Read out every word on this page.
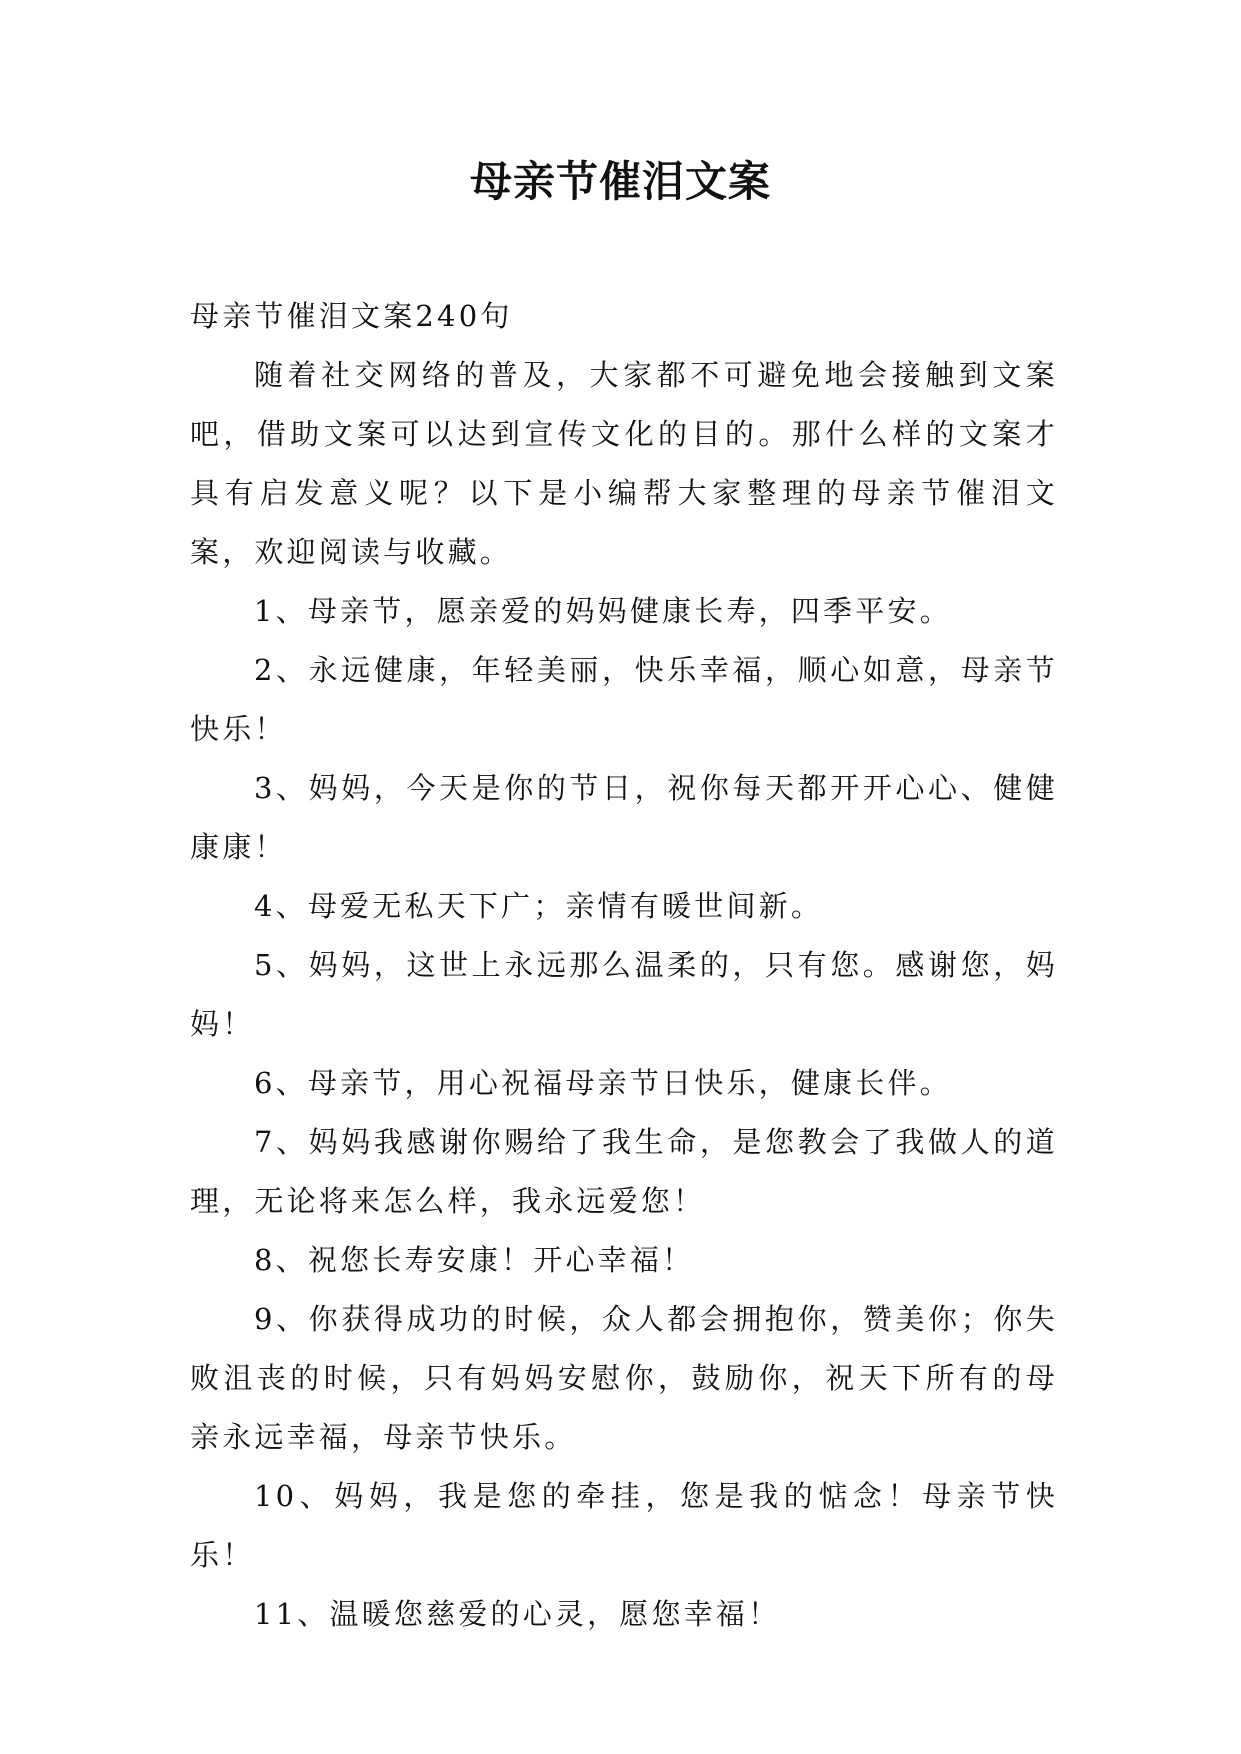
母亲节催泪文案

母亲节催泪文案240句

随着社交网络的普及，大家都不可避免地会接触到文案吧，借助文案可以达到宣传文化的目的。那什么样的文案才具有启发意义呢？以下是小编帮大家整理的母亲节催泪文案，欢迎阅读与收藏。

1、母亲节，愿亲爱的妈妈健康长寿，四季平安。

2、永远健康，年轻美丽，快乐幸福，顺心如意，母亲节快乐！

3、妈妈，今天是你的节日，祝你每天都开开心心、健健康康！

4、母爱无私天下广；亲情有暖世间新。

5、妈妈，这世上永远那么温柔的，只有您。感谢您，妈妈！

6、母亲节，用心祝福母亲节日快乐，健康长伴。

7、妈妈我感谢你赐给了我生命，是您教会了我做人的道理，无论将来怎么样，我永远爱您！

8、祝您长寿安康！开心幸福！

9、你获得成功的时候，众人都会拥抱你，赞美你；你失败沮丧的时候，只有妈妈安慰你，鼓励你，祝天下所有的母亲永远幸福，母亲节快乐。

10、妈妈，我是您的牵挂，您是我的惦念！母亲节快乐！

11、温暖您慈爱的心灵，愿您幸福！
